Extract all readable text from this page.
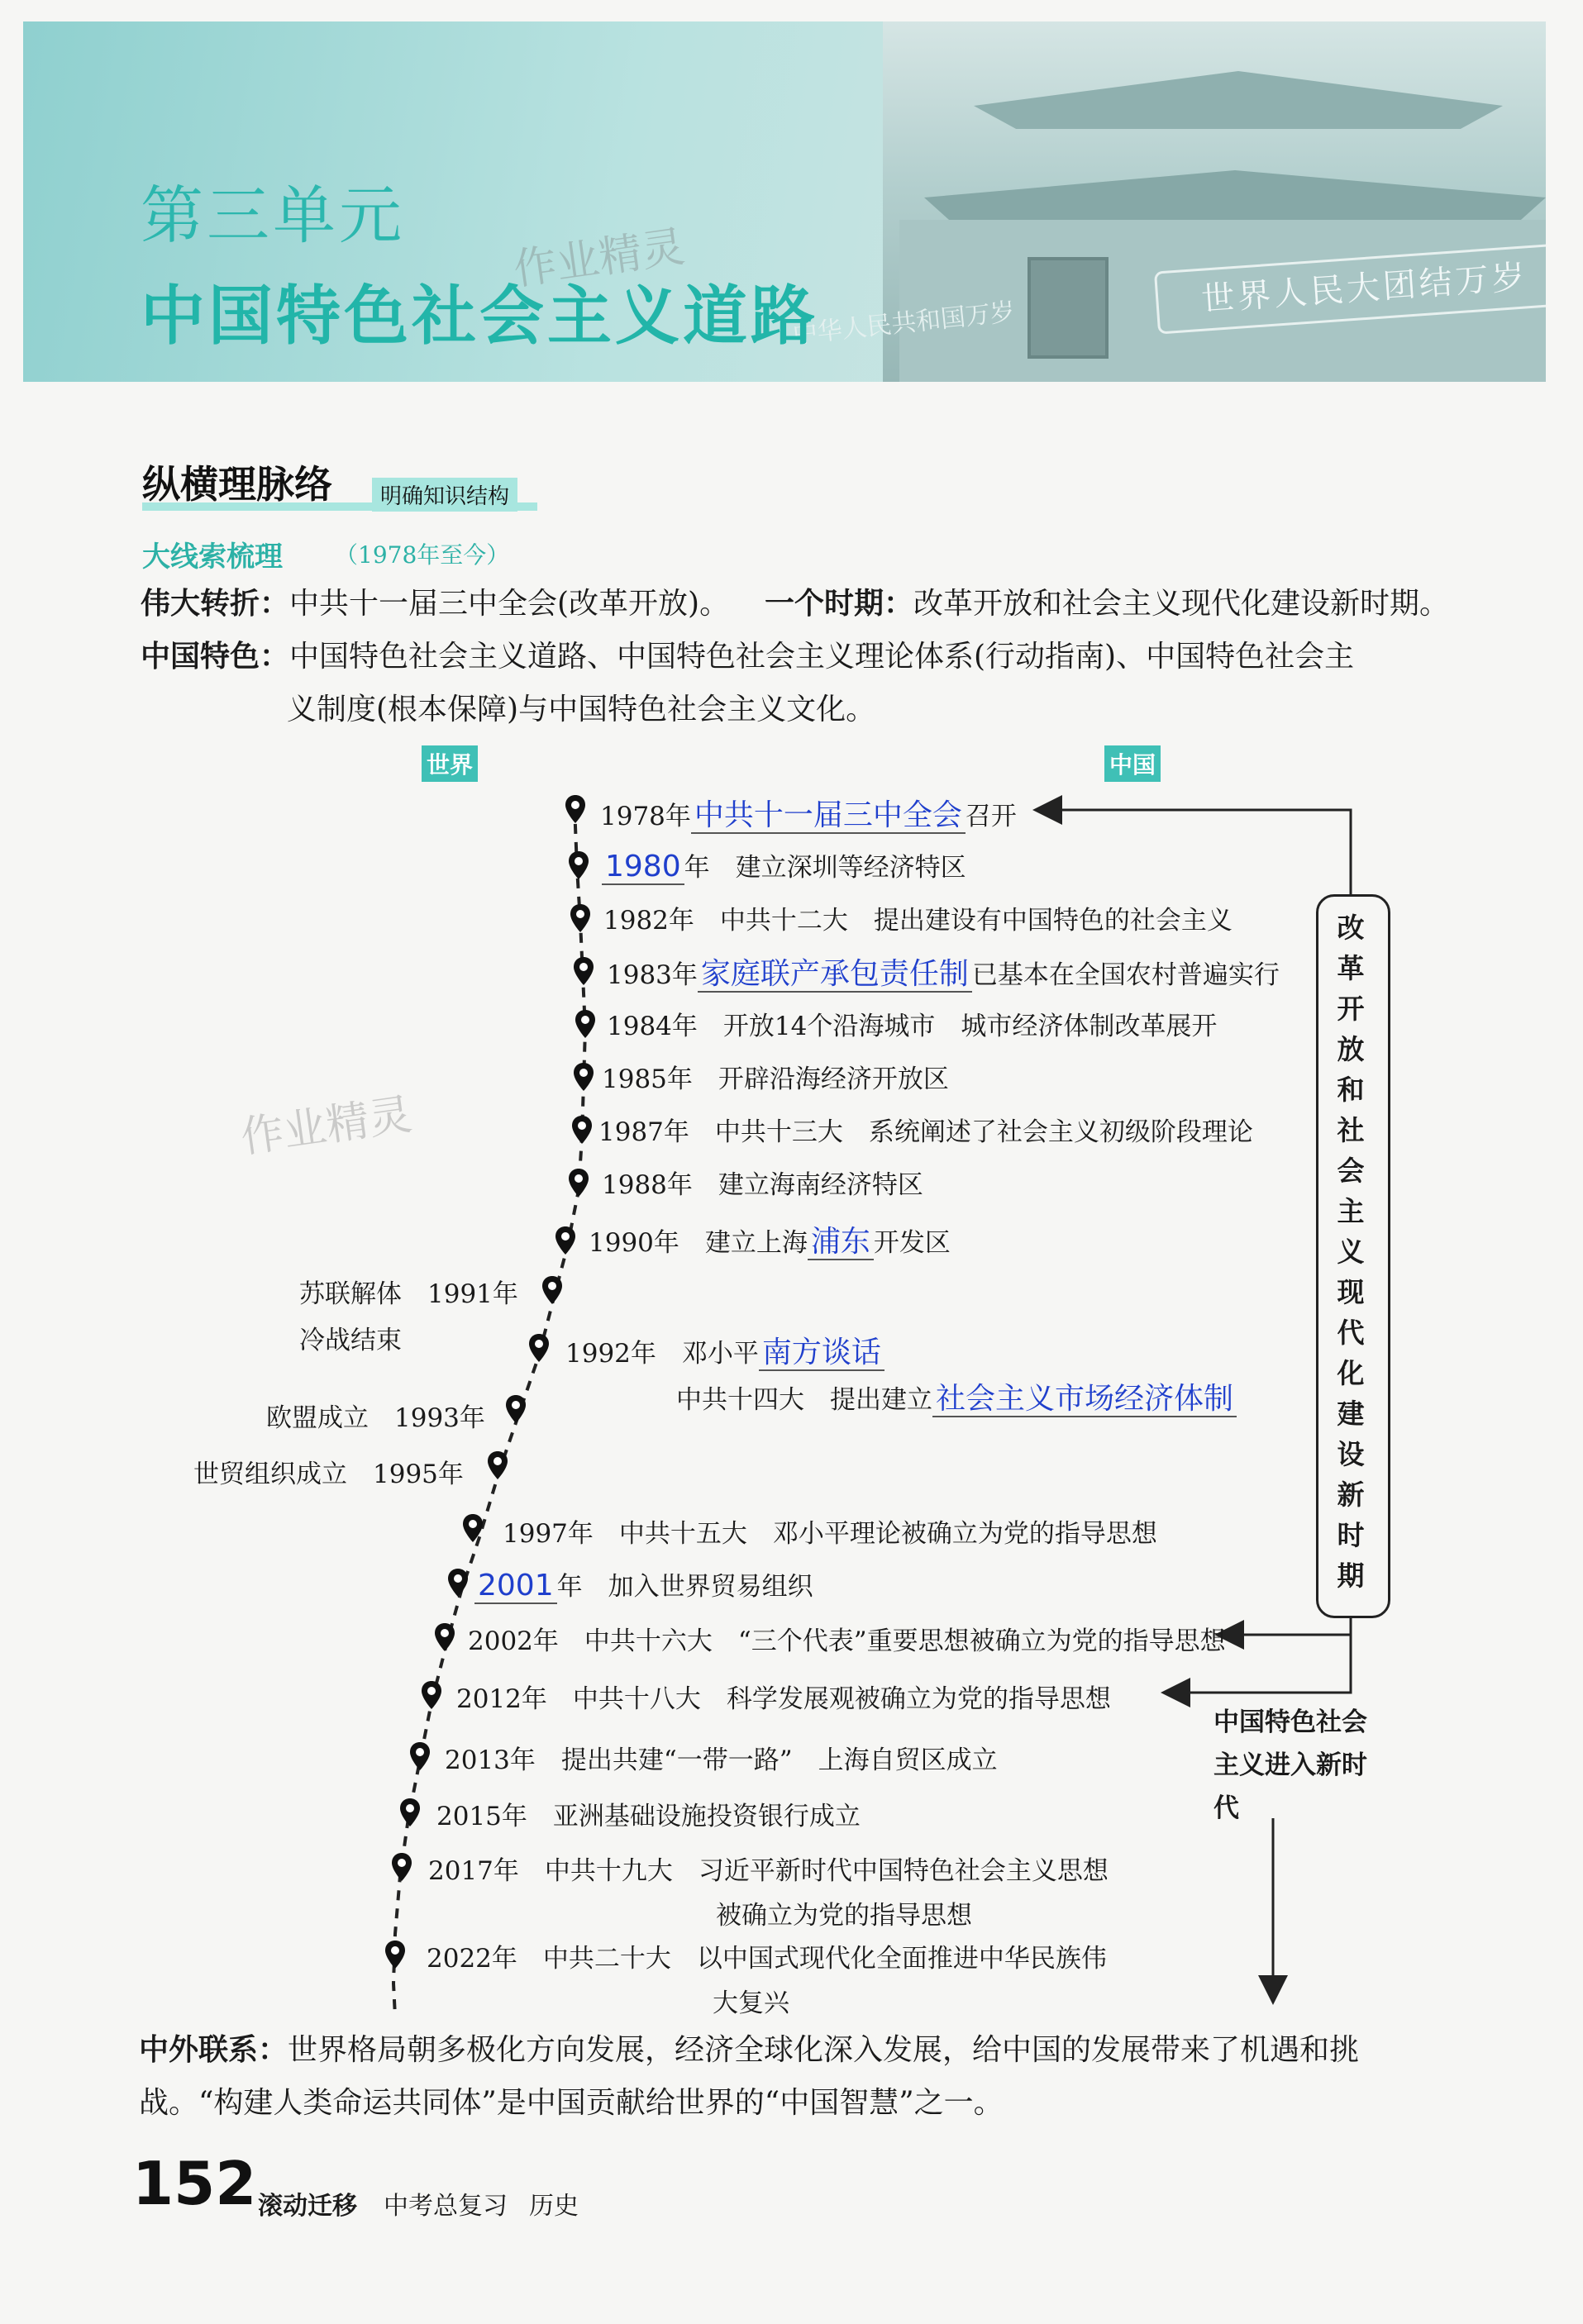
世界人民大团结万岁
中华人民共和国万岁
第三单元
中国特色社会主义道路
作业精灵
纵横理脉络	明确知识结构
大线索梳理 （1978年至今）
伟大转折：中共十一届三中全会(改革开放)。 一个时期：改革开放和社会主义现代化建设新时期。
中国特色：中国特色社会主义道路、中国特色社会主义理论体系(行动指南)、中国特色社会主
义制度(根本保障)与中国特色社会主义文化。
世界	中国
1978年 中共十一届三中全会 召开
1980 年　 建立深圳等经济特区
1982年　 中共十二大　提出建设有中国特色的社会主义
1983年 家庭联产承包责任制 已基本在全国农村普遍实行
1984年　 开放14个沿海城市　城市经济体制改革展开
1985年　 开辟沿海经济开放区
1987年　 中共十三大　系统阐述了社会主义初级阶段理论
1988年　 建立海南经济特区
1990年　 建立上海 浦东 开发区
1992年　 邓小平 南方谈话
中共十四大　提出建立 社会主义市场经济体制
1997年　 中共十五大　邓小平理论被确立为党的指导思想
2001 年　 加入世界贸易组织
2002年　 中共十六大　“三个代表”重要思想被确立为党的指导思想
2012年　 中共十八大　科学发展观被确立为党的指导思想
2013年　 提出共建“一带一路”　上海自贸区成立
2015年　 亚洲基础设施投资银行成立
2017年　 中共十九大　习近平新时代中国特色社会主义思想
被确立为党的指导思想
2022年　 中共二十大　以中国式现代化全面推进中华民族伟
大复兴
苏联解体　 1991年
冷战结束
欧盟成立　 1993年
世贸组织成立　 1995年
作业精灵
改革开放和社会主义现代化建设新时期
中国特色社会主义进入新时代
中外联系：世界格局朝多极化方向发展，经济全球化深入发展，给中国的发展带来了机遇和挑
战。“构建人类命运共同体”是中国贡献给世界的“中国智慧”之一。
152 滚动迁移 中考总复习 历史
